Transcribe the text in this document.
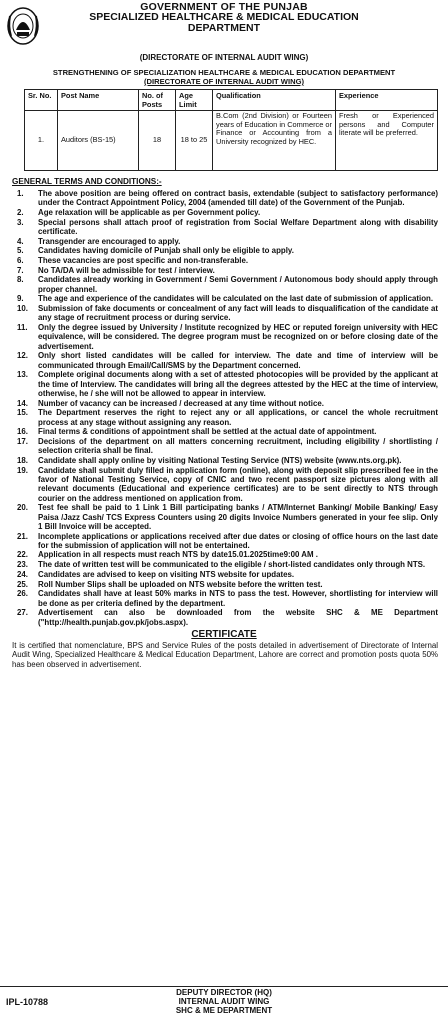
GOVERNMENT OF THE PUNJAB
SPECIALIZED HEALTHCARE & MEDICAL EDUCATION
DEPARTMENT
(DIRECTORATE OF INTERNAL AUDIT WING)
STRENGTHENING OF SPECIALIZATION HEALTHCARE & MEDICAL EDUCATION DEPARTMENT
(DIRECTORATE OF INTERNAL AUDIT WING)
Sr. No.	Post Name	No. of Posts	Age Limit	Qualification	Experience
1.	Auditors (BS-15)	18	18 to 25	B.Com (2nd Division) or Fourteen years of Education in Commerce or Finance or Accounting from a University recognized by HEC.	Fresh or Experienced persons and Computer literate will be preferred.
GENERAL TERMS AND CONDITIONS:-
1. The above position are being offered on contract basis, extendable (subject to satisfactory performance) under the Contract Appointment Policy, 2004 (amended till date) of the Government of the Punjab.
2. Age relaxation will be applicable as per Government policy.
3. Special persons shall attach proof of registration from Social Welfare Department along with disability certificate.
4. Transgender are encouraged to apply.
5. Candidates having domicile of Punjab shall only be eligible to apply.
6. These vacancies are post specific and non-transferable.
7. No TA/DA will be admissible for test / interview.
8. Candidates already working in Government / Semi Government / Autonomous body should apply through proper channel.
9. The age and experience of the candidates will be calculated on the last date of submission of application.
10. Submission of fake documents or concealment of any fact will leads to disqualification of the candidate at any stage of recruitment process or during service.
11. Only the degree issued by University / Institute recognized by HEC or reputed foreign university with HEC equivalence, will be considered. The degree program must be recognized on or before closing date of the advertisement.
12. Only short listed candidates will be called for interview. The date and time of interview will be communicated through Email/Call/SMS by the Department concerned.
13. Complete original documents along with a set of attested photocopies will be provided by the applicant at the time of Interview. The candidates will bring all the degrees attested by the HEC at the time of interview, otherwise, he / she will not be allowed to appear in interview.
14. Number of vacancy can be increased / decreased at any time without notice.
15. The Department reserves the right to reject any or all applications, or cancel the whole recruitment process at any stage without assigning any reason.
16. Final terms & conditions of appointment shall be settled at the actual date of appointment.
17. Decisions of the department on all matters concerning recruitment, including eligibility / shortlisting / selection criteria shall be final.
18. Candidate shall apply online by visiting National Testing Service (NTS) website (www.nts.org.pk).
19. Candidate shall submit duly filled in application form (online), along with deposit slip prescribed fee in the favor of National Testing Service, copy of CNIC and two recent passport size pictures along with all relevant documents (Educational and experience certificates) are to be sent directly to NTS through courier on the address mentioned on application from.
20. Test fee shall be paid to 1 Link 1 Bill participating banks / ATM/Internet Banking/ Mobile Banking/ Easy Paisa /Jazz Cash/ TCS Express Counters using 20 digits Invoice Numbers generated in your fee slip. Only 1 Bill Invoice will be accepted.
21. Incomplete applications or applications received after due dates or closing of office hours on the last date for the submission of application will not be entertained.
22. Application in all respects must reach NTS by date15.01.2025time9:00 AM .
23. The date of written test will be communicated to the eligible / short-listed candidates only through NTS.
24. Candidates are advised to keep on visiting NTS website for updates.
25. Roll Number Slips shall be uploaded on NTS website before the written test.
26. Candidates shall have at least 50% marks in NTS to pass the test. However, shortlisting for interview will be done as per criteria defined by the department.
27. Advertisement can also be downloaded from the website SHC & ME Department ("http://health.punjab.gov.pk/jobs.aspx).
CERTIFICATE
It is certified that nomenclature, BPS and Service Rules of the posts detailed in advertisement of Directorate of Internal Audit Wing, Specialized Healthcare & Medical Education Department, Lahore are correct and promotion posts quota 50% has been observed in advertisement.
IPL-10788
DEPUTY DIRECTOR (HQ)
INTERNAL AUDIT WING
SHC & ME DEPARTMENT
